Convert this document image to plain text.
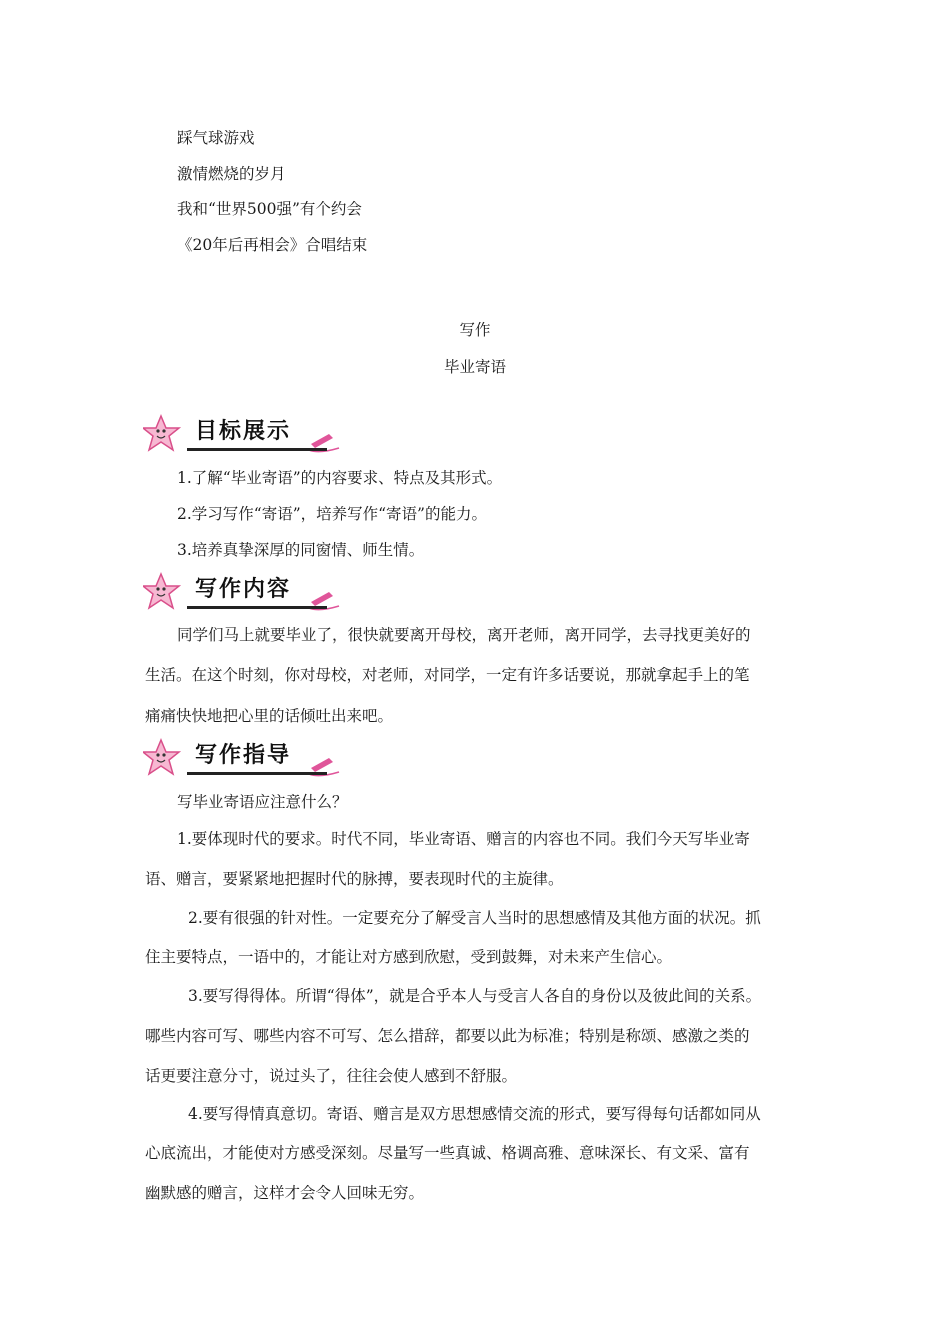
踩气球游戏
激情燃烧的岁月
我和“世界500强”有个约会
《20年后再相会》合唱结束
写作
毕业寄语
目标展示
1.了解“毕业寄语”的内容要求、特点及其形式。
2.学习写作“寄语”，培养写作“寄语”的能力。
3.培养真挚深厚的同窗情、师生情。
写作内容
同学们马上就要毕业了，很快就要离开母校，离开老师，离开同学，去寻找更美好的
生活。在这个时刻，你对母校，对老师，对同学，一定有许多话要说，那就拿起手上的笔
痛痛快快地把心里的话倾吐出来吧。
写作指导
写毕业寄语应注意什么？
1.要体现时代的要求。时代不同，毕业寄语、赠言的内容也不同。我们今天写毕业寄
语、赠言，要紧紧地把握时代的脉搏，要表现时代的主旋律。
2.要有很强的针对性。一定要充分了解受言人当时的思想感情及其他方面的状况。抓
住主要特点，一语中的，才能让对方感到欣慰，受到鼓舞，对未来产生信心。
3.要写得得体。所谓“得体”，就是合乎本人与受言人各自的身份以及彼此间的关系。
哪些内容可写、哪些内容不可写、怎么措辞，都要以此为标准；特别是称颂、感激之类的
话更要注意分寸，说过头了，往往会使人感到不舒服。
4.要写得情真意切。寄语、赠言是双方思想感情交流的形式，要写得每句话都如同从
心底流出，才能使对方感受深刻。尽量写一些真诚、格调高雅、意味深长、有文采、富有
幽默感的赠言，这样才会令人回味无穷。
